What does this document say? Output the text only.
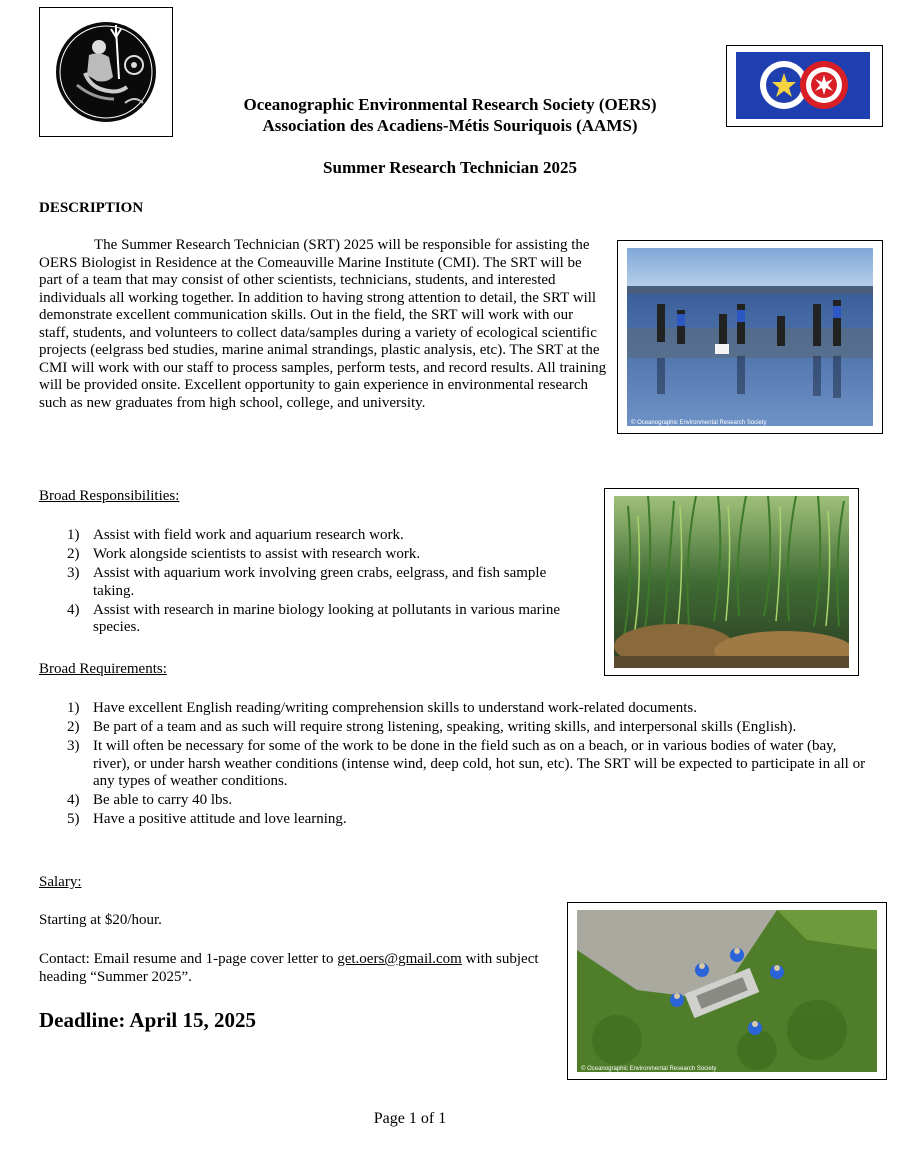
Oceanographic Environmental Research Society (OERS)
Association des Acadiens-Métis Souriquois (AAMS)
Summer Research Technician 2025
DESCRIPTION

The Summer Research Technician (SRT) 2025 will be responsible for assisting the OERS Biologist in Residence at the Comeauville Marine Institute (CMI). The SRT will be part of a team that may consist of other scientists, technicians, students, and interested individuals all working together. In addition to having strong attention to detail, the SRT will demonstrate excellent communication skills. Out in the field, the SRT will work with our staff, students, and volunteers to collect data/samples during a variety of ecological scientific projects (eelgrass bed studies, marine animal strandings, plastic analysis, etc). The SRT at the CMI will work with our staff to process samples, perform tests, and record results. All training will be provided onsite. Excellent opportunity to gain experience in environmental research such as new graduates from high school, college, and university.

© Oceanographic Environmental Research Society
Broad Responsibilities:
1) Assist with field work and aquarium research work.
2) Work alongside scientists to assist with research work.
3) Assist with aquarium work involving green crabs, eelgrass, and fish sample taking.
4) Assist with research in marine biology looking at pollutants in various marine species.
Broad Requirements:
1) Have excellent English reading/writing comprehension skills to understand work-related documents.
2) Be part of a team and as such will require strong listening, speaking, writing skills, and interpersonal skills (English).
3) It will often be necessary for some of the work to be done in the field such as on a beach, or in various bodies of water (bay, river), or under harsh weather conditions (intense wind, deep cold, hot sun, etc). The SRT will be expected to participate in all or any types of weather conditions.
4) Be able to carry 40 lbs.
5) Have a positive attitude and love learning.
Salary:

Starting at $20/hour.

Contact: Email resume and 1-page cover letter to get.oers@gmail.com with subject heading “Summer 2025”.

Deadline: April 15, 2025
© Oceanographic Environmental Research Society
Page 1 of 1
